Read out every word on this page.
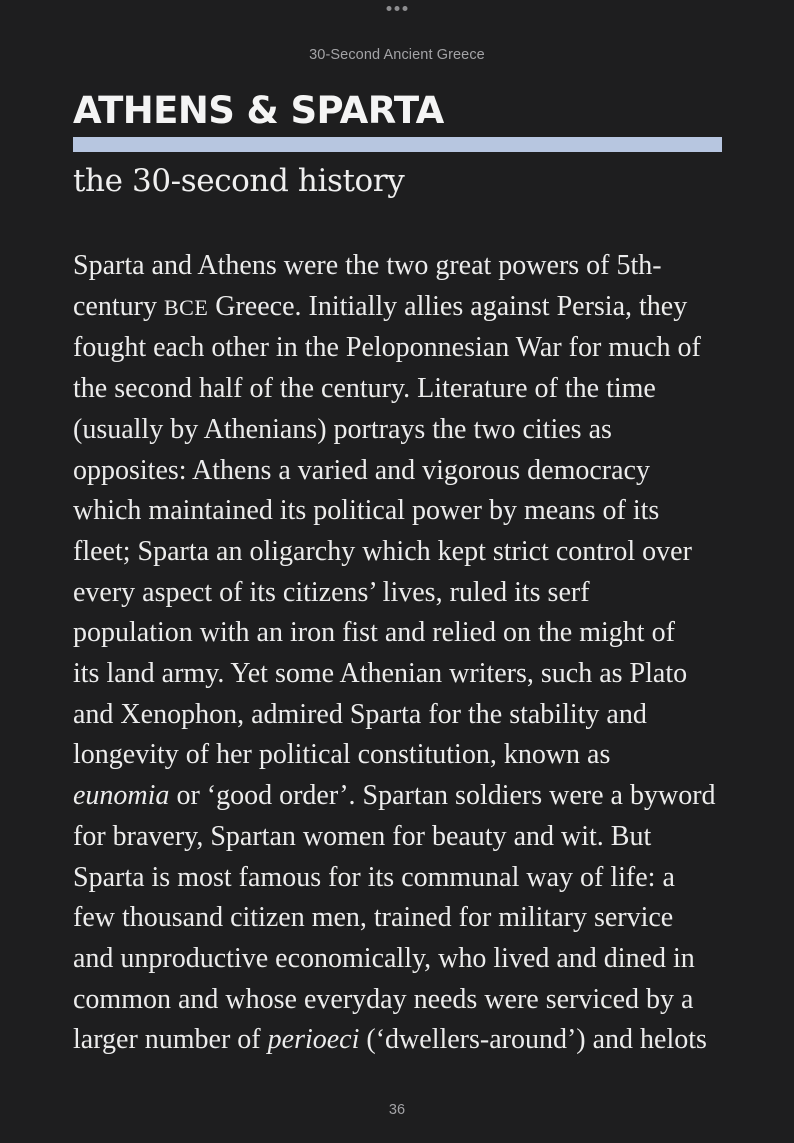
30-Second Ancient Greece
ATHENS & SPARTA
the 30-second history

Sparta and Athens were the two great powers of 5th-
century BCE Greece. Initially allies against Persia, they
fought each other in the Peloponnesian War for much of
the second half of the century. Literature of the time
(usually by Athenians) portrays the two cities as
opposites: Athens a varied and vigorous democracy
which maintained its political power by means of its
fleet; Sparta an oligarchy which kept strict control over
every aspect of its citizens’ lives, ruled its serf
population with an iron fist and relied on the might of
its land army. Yet some Athenian writers, such as Plato
and Xenophon, admired Sparta for the stability and
longevity of her political constitution, known as
eunomia or ‘good order’. Spartan soldiers were a byword
for bravery, Spartan women for beauty and wit. But
Sparta is most famous for its communal way of life: a
few thousand citizen men, trained for military service
and unproductive economically, who lived and dined in
common and whose everyday needs were serviced by a
larger number of perioeci (‘dwellers-around’) and helots

36
